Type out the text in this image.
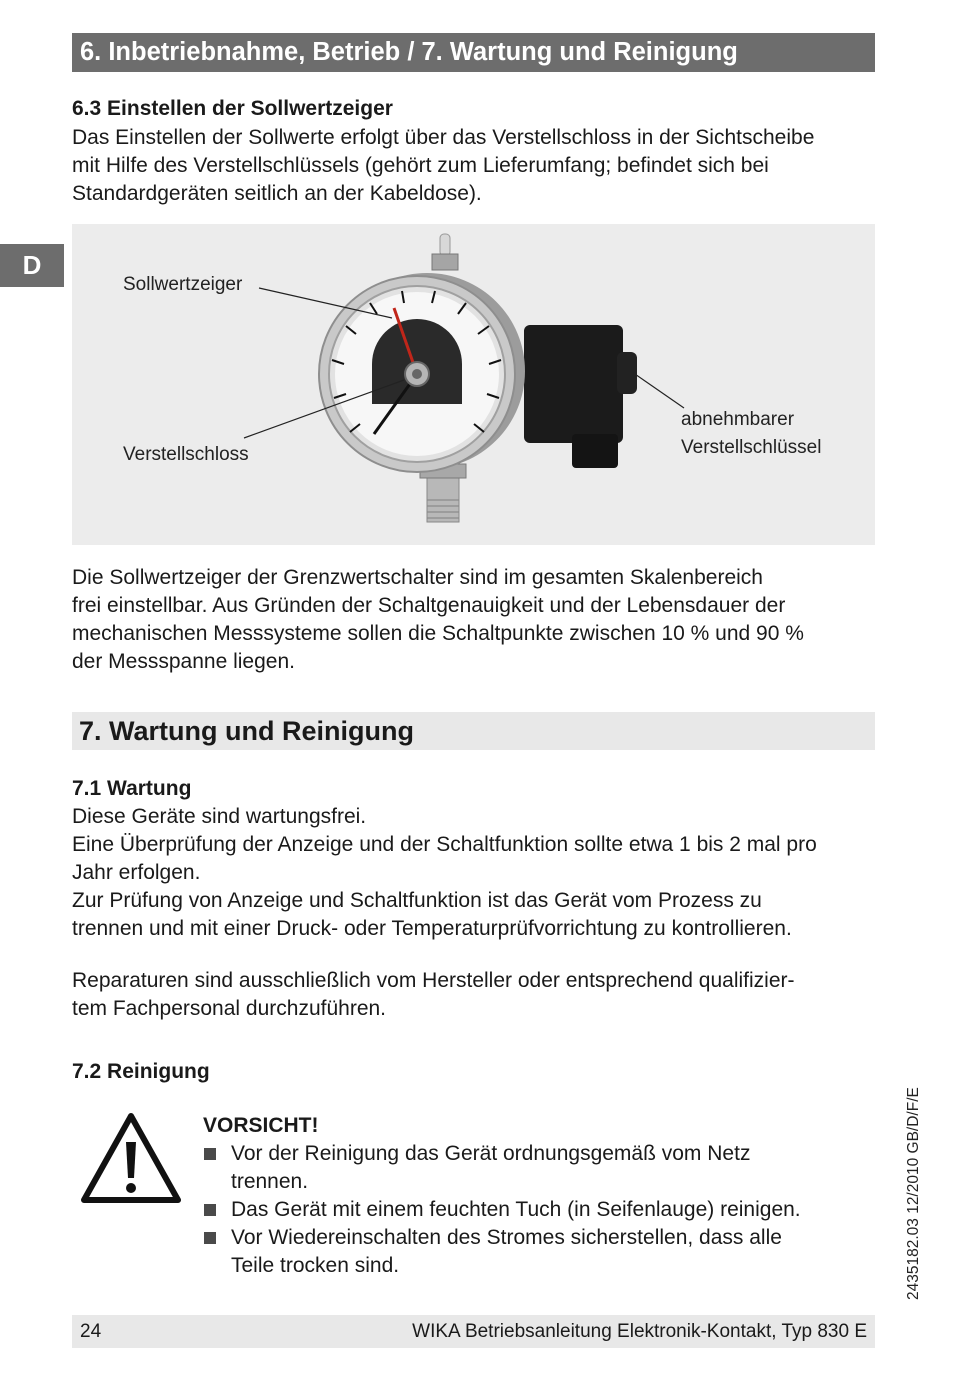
6. Inbetriebnahme, Betrieb / 7. Wartung und Reinigung
D
6.3 Einstellen der Sollwertzeiger
Das Einstellen der Sollwerte erfolgt über das Verstellschloss in der Sichtscheibe
mit Hilfe des Verstellschlüssels (gehört zum Lieferumfang; befindet sich bei
Standardgeräten seitlich an der Kabeldose).
Sollwertzeiger
Verstellschloss
abnehmbarer
Verstellschlüssel
Die Sollwertzeiger der Grenzwertschalter sind im gesamten Skalenbereich
frei einstellbar. Aus Gründen der Schaltgenauigkeit und der Lebensdauer der
mechanischen Messsysteme sollen die Schaltpunkte zwischen 10 % und 90 %
der Messspanne liegen.
7. Wartung und Reinigung
7.1 Wartung
Diese Geräte sind wartungsfrei.
Eine Überprüfung der Anzeige und der Schaltfunktion sollte etwa 1 bis 2 mal pro
Jahr erfolgen.
Zur Prüfung von Anzeige und Schaltfunktion ist das Gerät vom Prozess zu
trennen und mit einer Druck- oder Temperaturprüfvorrichtung zu kontrollieren.
Reparaturen sind ausschließlich vom Hersteller oder entsprechend qualifizier-
tem Fachpersonal durchzuführen.
7.2 Reinigung
VORSICHT!
Vor der Reinigung das Gerät ordnungsgemäß vom Netz
trennen.
Das Gerät mit einem feuchten Tuch (in Seifenlauge) reinigen.
Vor Wiedereinschalten des Stromes sicherstellen, dass alle
Teile trocken sind.	2435182.03 12/2010 GB/D/F/E
24	WIKA Betriebsanleitung Elektronik-Kontakt, Typ 830 E
